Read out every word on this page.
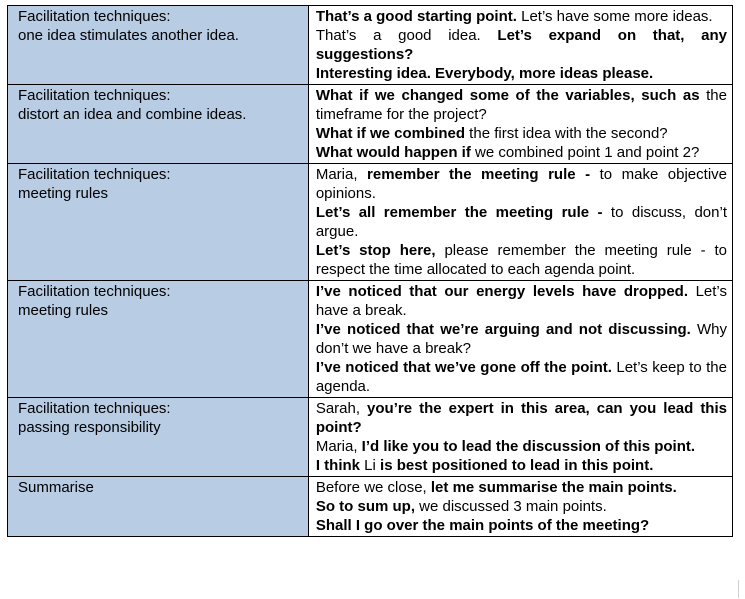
Facilitation techniques:
one idea stimulates another idea.	That’s a good starting point. Let’s have some more ideas.
That’s a good idea. Let’s expand on that, any suggestions?
Interesting idea. Everybody, more ideas please.

Facilitation techniques:
distort an idea and combine ideas.	What if we changed some of the variables, such as the timeframe for the project?
What if we combined the first idea with the second?
What would happen if we combined point 1 and point 2?

Facilitation techniques:
meeting rules	Maria, remember the meeting rule - to make objective opinions.
Let’s all remember the meeting rule - to discuss, don’t argue.
Let’s stop here, please remember the meeting rule - to respect the time allocated to each agenda point.

Facilitation techniques:
meeting rules	I’ve noticed that our energy levels have dropped. Let’s have a break.
I’ve noticed that we’re arguing and not discussing. Why don’t we have a break?
I’ve noticed that we’ve gone off the point. Let’s keep to the agenda.

Facilitation techniques:
passing responsibility	Sarah, you’re the expert in this area, can you lead this point?
Maria, I’d like you to lead the discussion of this point.
I think Li is best positioned to lead in this point.

Summarise	Before we close, let me summarise the main points.
So to sum up, we discussed 3 main points.
Shall I go over the main points of the meeting?
